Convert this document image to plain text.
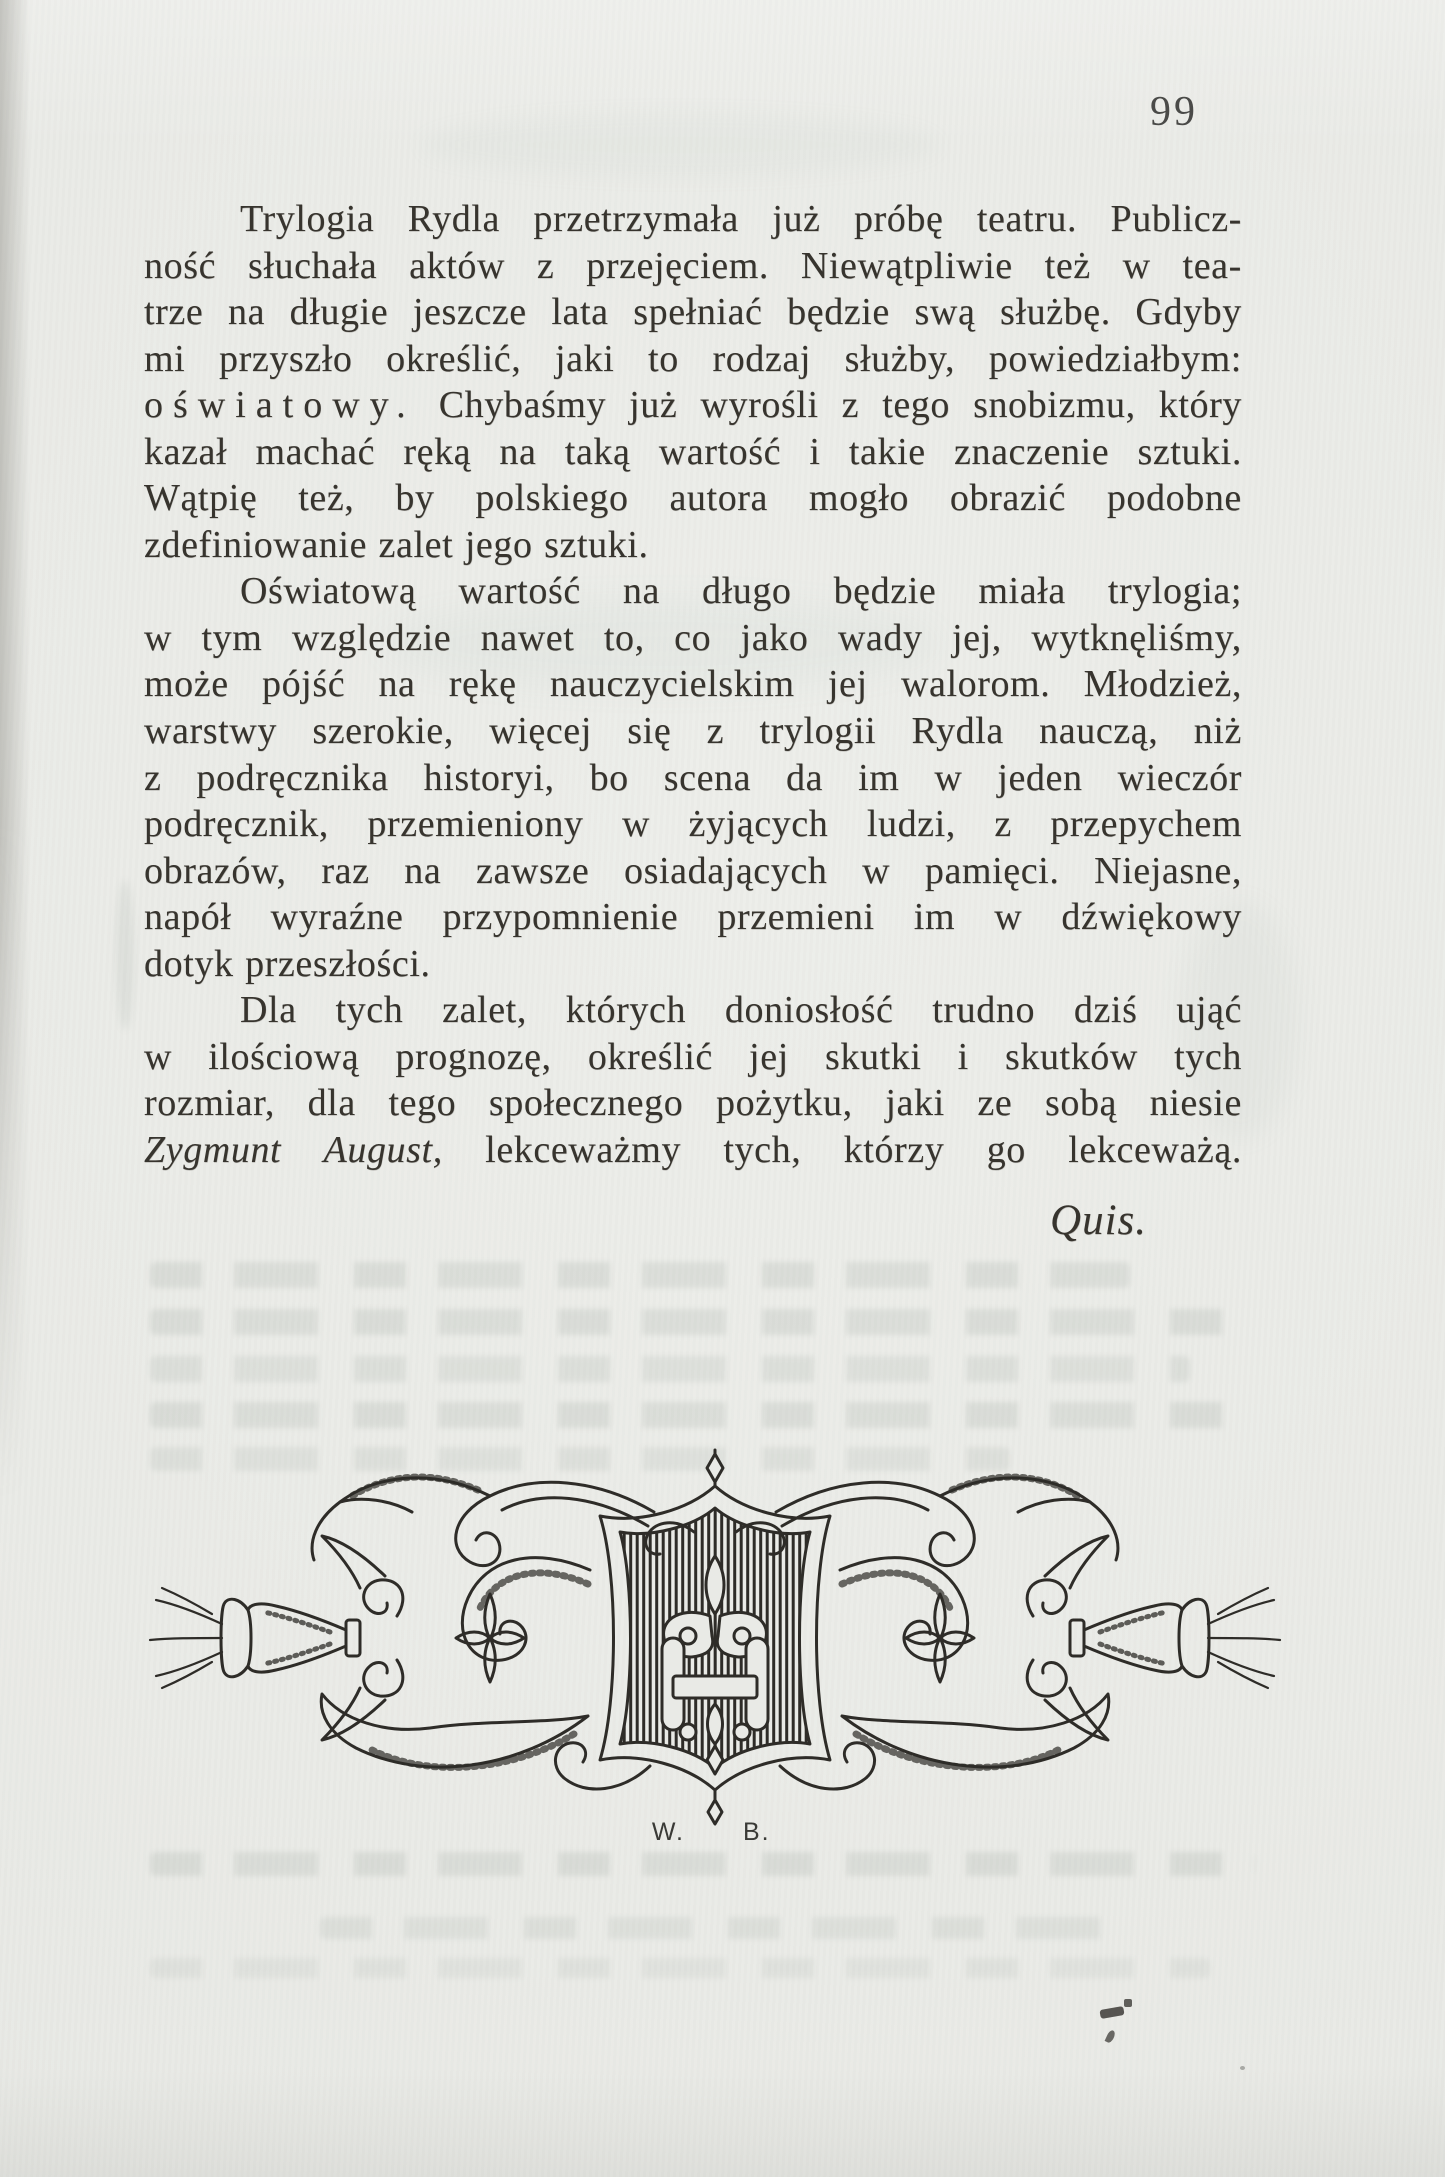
99
Trylogia Rydla przetrzymała już próbę teatru. Publicz-
ność słuchała aktów z przejęciem. Niewątpliwie też w tea-
trze na długie jeszcze lata spełniać będzie swą służbę. Gdyby
mi przyszło określić, jaki to rodzaj służby, powiedziałbym:
oświatowy. Chybaśmy już wyrośli z tego snobizmu, który
kazał machać ręką na taką wartość i takie znaczenie sztuki.
Wątpię też, by polskiego autora mogło obrazić podobne
zdefiniowanie zalet jego sztuki.
Oświatową wartość na długo będzie miała trylogia;
w tym względzie nawet to, co jako wady jej, wytknęliśmy,
może pójść na rękę nauczycielskim jej walorom. Młodzież,
warstwy szerokie, więcej się z trylogii Rydla nauczą, niż
z podręcznika historyi, bo scena da im w jeden wieczór
podręcznik, przemieniony w żyjących ludzi, z przepychem
obrazów, raz na zawsze osiadających w pamięci. Niejasne,
napół wyraźne przypomnienie przemieni im w dźwiękowy
dotyk przeszłości.
Dla tych zalet, których doniosłość trudno dziś ująć
w ilościową prognozę, określić jej skutki i skutków tych
rozmiar, dla tego społecznego pożytku, jaki ze sobą niesie
Zygmunt August, lekceważmy tych, którzy go lekceważą.
Quis.
W. B.
